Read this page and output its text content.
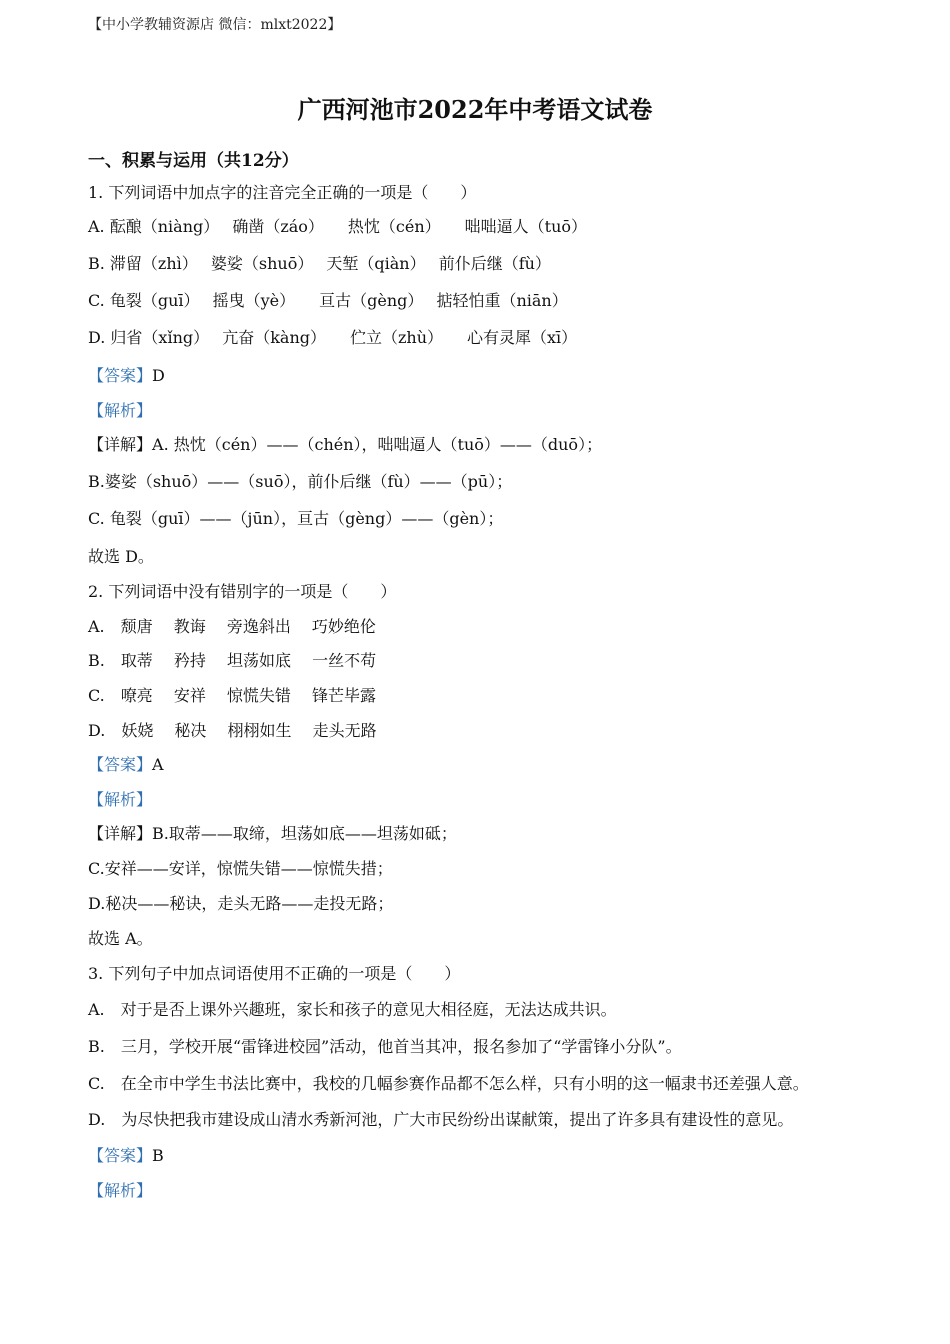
【中小学教辅资源店 微信：mlxt2022】
广西河池市2022年中考语文试卷
一、积累与运用（共12分）
1. 下列词语中加点字的注音完全正确的一项是（　　）
A. 酝酿（niàng）　 确凿（záo）　　热忱（cén）　　咄咄逼人（tuō）
B. 滞留（zhì）　 婆娑（shuō）　 天堑（qiàn）　 前仆后继（fù）
C. 龟裂（guī）　 摇曳（yè）　　亘古（gèng）　 掂轻怕重（niān）
D. 归省（xǐng）　 亢奋（kàng）　　伫立（zhù）　　心有灵犀（xī）
【答案】D
【解析】
【详解】A. 热忱（cén）——（chén），咄咄逼人（tuō）——（duō）；
B.婆娑（shuō）——（suō），前仆后继（fù）——（pū）；
C. 龟裂（guī）——（jūn），亘古（gèng）——（gèn）；
故选 D。
2. 下列词语中没有错别字的一项是（　　）
A.　颓唐　 教诲　 旁逸斜出　 巧妙绝伦
B.　取蒂　 矜持　 坦荡如底　 一丝不苟
C.　嘹亮　 安祥　 惊慌失错　 锋芒毕露
D.　妖娆　 秘决　 栩栩如生　 走头无路
【答案】A
【解析】
【详解】B.取蒂——取缔，坦荡如底——坦荡如砥；
C.安祥——安详，惊慌失错——惊慌失措；
D.秘决——秘诀，走头无路——走投无路；
故选 A。
3. 下列句子中加点词语使用不正确的一项是（　　）
A.　对于是否上课外兴趣班，家长和孩子的意见大相径庭，无法达成共识。
B.　三月，学校开展“雷锋进校园”活动，他首当其冲，报名参加了“学雷锋小分队”。
C.　在全市中学生书法比赛中，我校的几幅参赛作品都不怎么样，只有小明的这一幅隶书还差强人意。
D.　为尽快把我市建设成山清水秀新河池，广大市民纷纷出谋献策，提出了许多具有建设性的意见。
【答案】B
【解析】
